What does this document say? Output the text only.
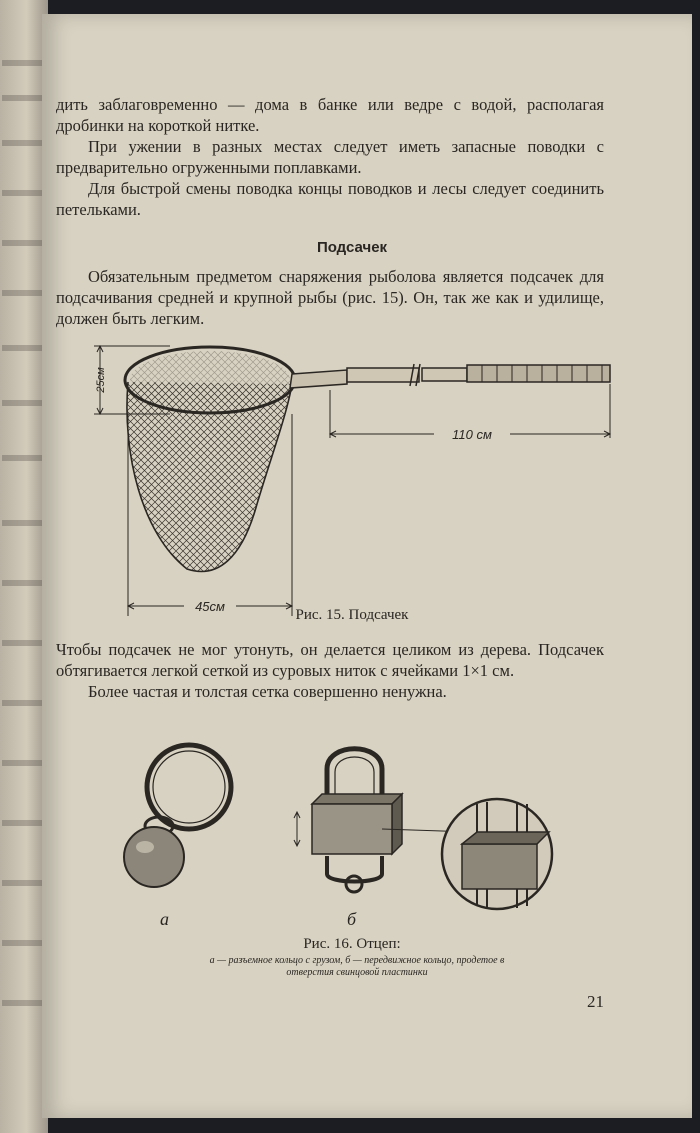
дить заблаговременно — дома в банке или ведре с водой, располагая дробинки на короткой нитке.

При ужении в разных местах следует иметь запасные поводки с предварительно огруженными поплавками.

Для быстрой смены поводка концы поводков и лесы следует соединить петельками.

Подсачек

Обязательным предметом снаряжения рыболова является подсачек для подсачивания средней и крупной рыбы (рис. 15). Он, так же как и удилище, должен быть легким.

25см
110 см
45см
Рис. 15. Подсачек

Чтобы подсачек не мог утонуть, он делается целиком из дерева. Подсачек обтягивается легкой сеткой из суровых ниток с ячейками 1×1 см.

Более частая и толстая сетка совершенно ненужна.

а	б
Рис. 16. Отцеп:
а — разъемное кольцо с грузом, б — передвижное кольцо, продетое в отверстия свинцовой пластинки
21
